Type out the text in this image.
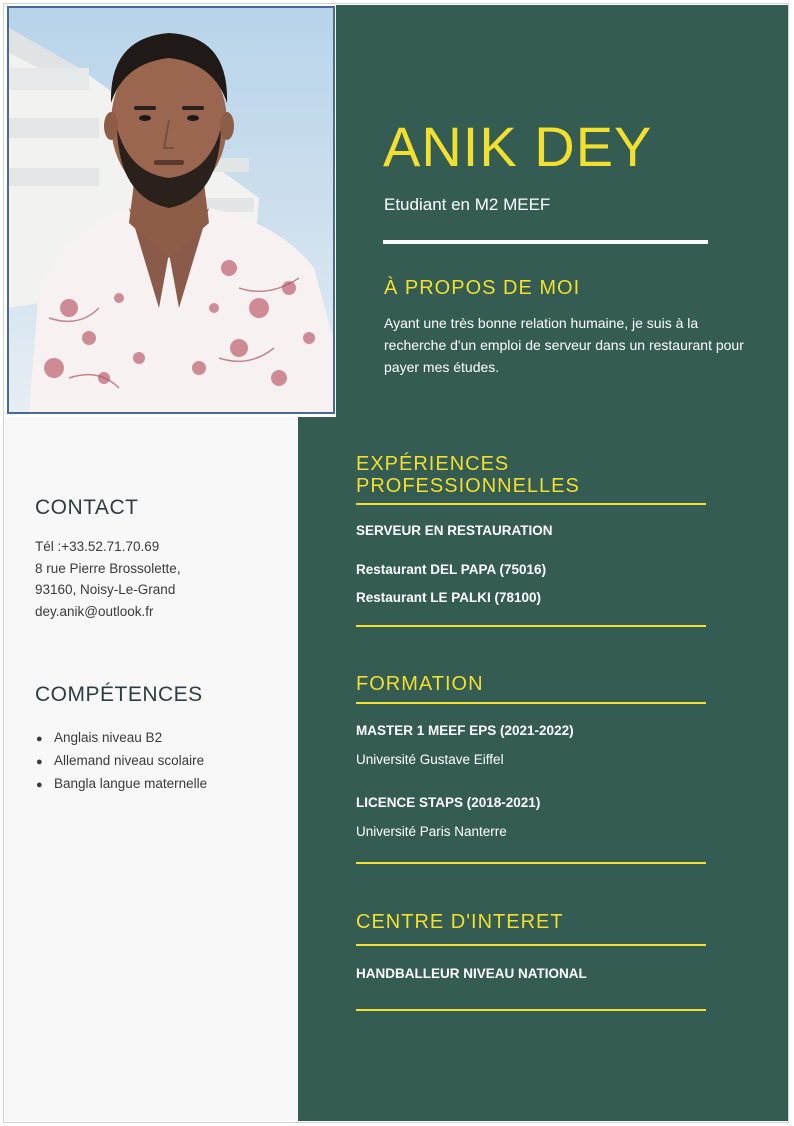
ANIK DEY

Etudiant en M2 MEEF

À PROPOS DE MOI

Ayant une très bonne relation humaine, je suis à la recherche d'un emploi de serveur dans un restaurant pour payer mes études.

CONTACT
Tél :+33.52.71.70.69
8 rue Pierre Brossolette,
93160, Noisy-Le-Grand
dey.anik@outlook.fr
COMPÉTENCES
● Anglais niveau B2
● Allemand niveau scolaire
● Bangla langue maternelle
EXPÉRIENCES
PROFESSIONNELLES

SERVEUR EN RESTAURATION

Restaurant DEL PAPA (75016)

Restaurant LE PALKI (78100)

FORMATION

MASTER 1 MEEF EPS (2021-2022)

Université Gustave Eiffel

LICENCE STAPS (2018-2021)

Université Paris Nanterre

CENTRE D'INTERET

HANDBALLEUR NIVEAU NATIONAL
